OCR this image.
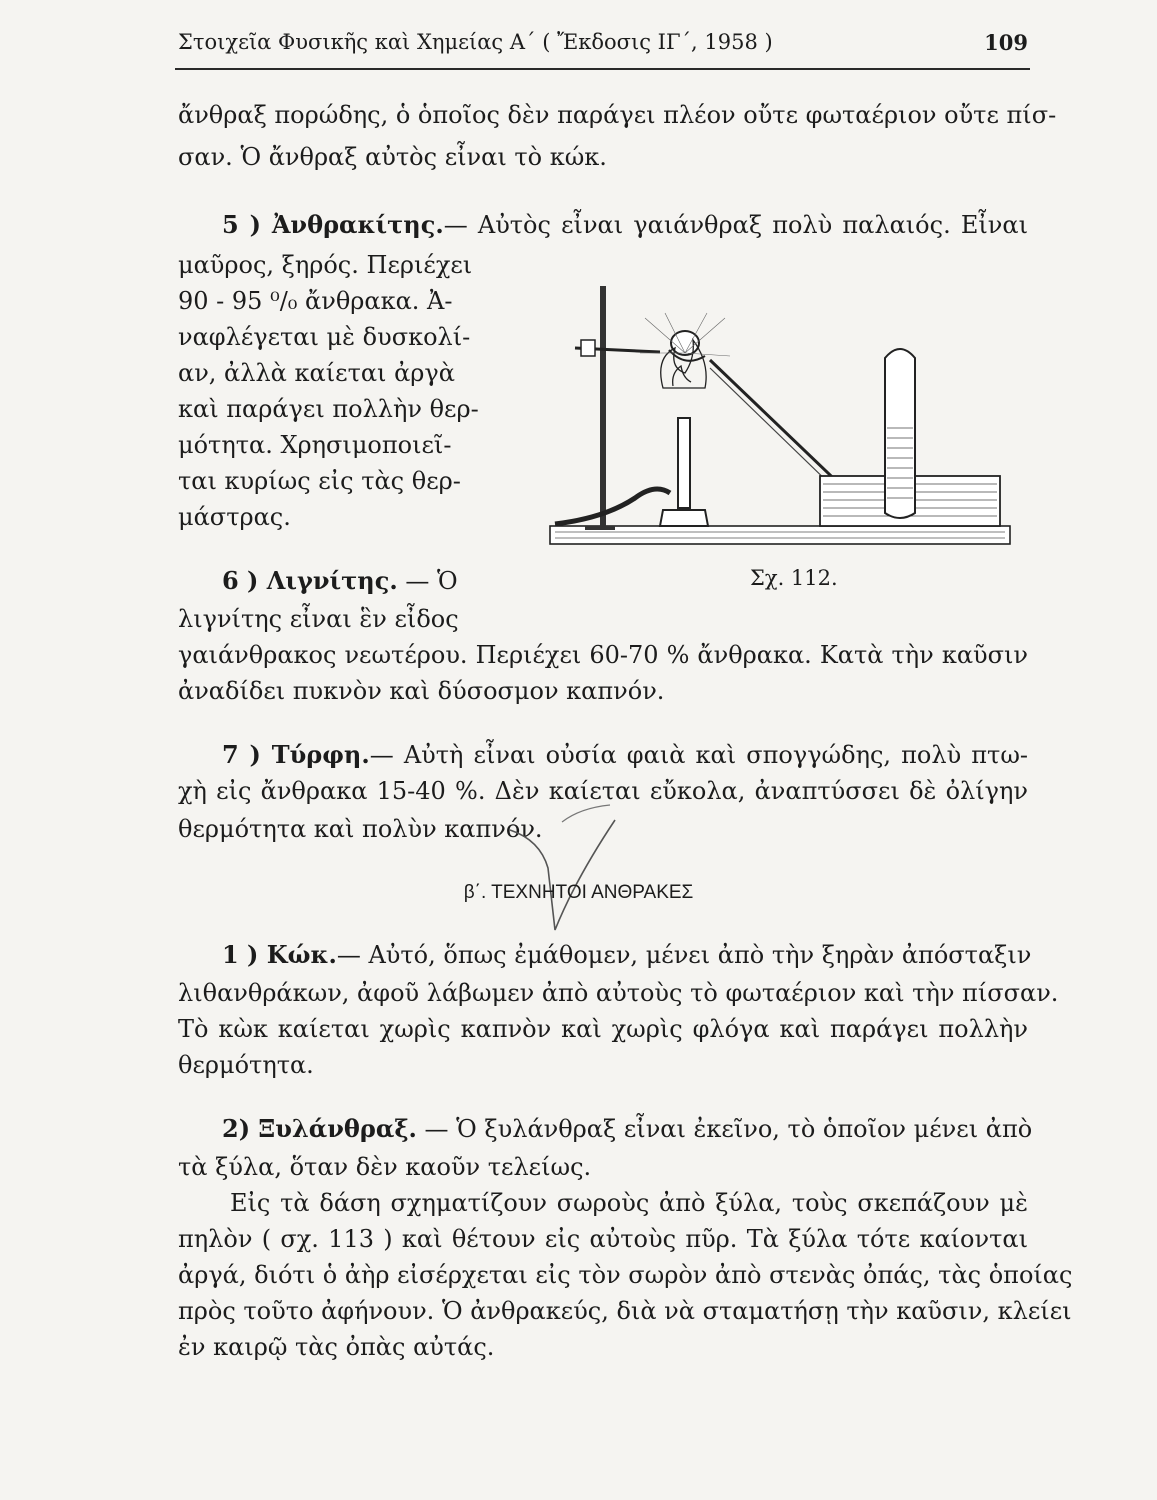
Στοιχεῖα Φυσικῆς καὶ Χημείας Α΄ ( Ἔκδοσις ΙΓ΄, 1958 )	109
ἄνθραξ πορώδης, ὁ ὁποῖος δὲν παράγει πλέον οὔτε φωταέριον οὔτε πίσ-
σαν. Ὁ ἄνθραξ αὐτὸς εἶναι τὸ κώκ.
5 ) Ἀνθρακίτης.— Αὐτὸς εἶναι γαιάνθραξ πολὺ παλαιός. Εἶναι
μαῦρος, ξηρός. Περιέχει
90 - 95 ⁰/₀ ἄνθρακα. Ἀ-
ναφλέγεται μὲ δυσκολί-
αν, ἀλλὰ καίεται ἀργὰ
καὶ παράγει πολλὴν θερ-
μότητα. Χρησιμοποιεῖ-
ται κυρίως εἰς τὰς θερ-
μάστρας.
6 ) Λιγνίτης. — Ὁ
λιγνίτης εἶναι ἓν εἶδος
γαιάνθρακος νεωτέρου. Περιέχει 60-70 % ἄνθρακα. Κατὰ τὴν καῦσιν
ἀναδίδει πυκνὸν καὶ δύσοσμον καπνόν.
7 ) Τύρφη.— Αὐτὴ εἶναι οὐσία φαιὰ καὶ σπογγώδης, πολὺ πτω-
χὴ εἰς ἄνθρακα 15-40 %. Δὲν καίεται εὔκολα, ἀναπτύσσει δὲ ὀλίγην
θερμότητα καὶ πολὺν καπνόν.
β΄. ΤΕΧΝΗΤΟΙ ΑΝΘΡΑΚΕΣ
1 ) Κώκ.— Αὐτό, ὅπως ἐμάθομεν, μένει ἀπὸ τὴν ξηρὰν ἀπόσταξιν
λιθανθράκων, ἀφοῦ λάβωμεν ἀπὸ αὐτοὺς τὸ φωταέριον καὶ τὴν πίσσαν.
Τὸ κὼκ καίεται χωρὶς καπνὸν καὶ χωρὶς φλόγα καὶ παράγει πολλὴν
θερμότητα.
2) Ξυλάνθραξ. — Ὁ ξυλάνθραξ εἶναι ἐκεῖνο, τὸ ὁποῖον μένει ἀπὸ
τὰ ξύλα, ὅταν δὲν καοῦν τελείως.
Εἰς τὰ δάση σχηματίζουν σωροὺς ἀπὸ ξύλα, τοὺς σκεπάζουν μὲ
πηλὸν ( σχ. 113 ) καὶ θέτουν εἰς αὐτοὺς πῦρ. Τὰ ξύλα τότε καίονται
ἀργά, διότι ὁ ἀὴρ εἰσέρχεται εἰς τὸν σωρὸν ἀπὸ στενὰς ὀπάς, τὰς ὁποίας
πρὸς τοῦτο ἀφήνουν. Ὁ ἀνθρακεύς, διὰ νὰ σταματήσῃ τὴν καῦσιν, κλείει
ἐν καιρῷ τὰς ὀπὰς αὐτάς.
Σχ. 112.
